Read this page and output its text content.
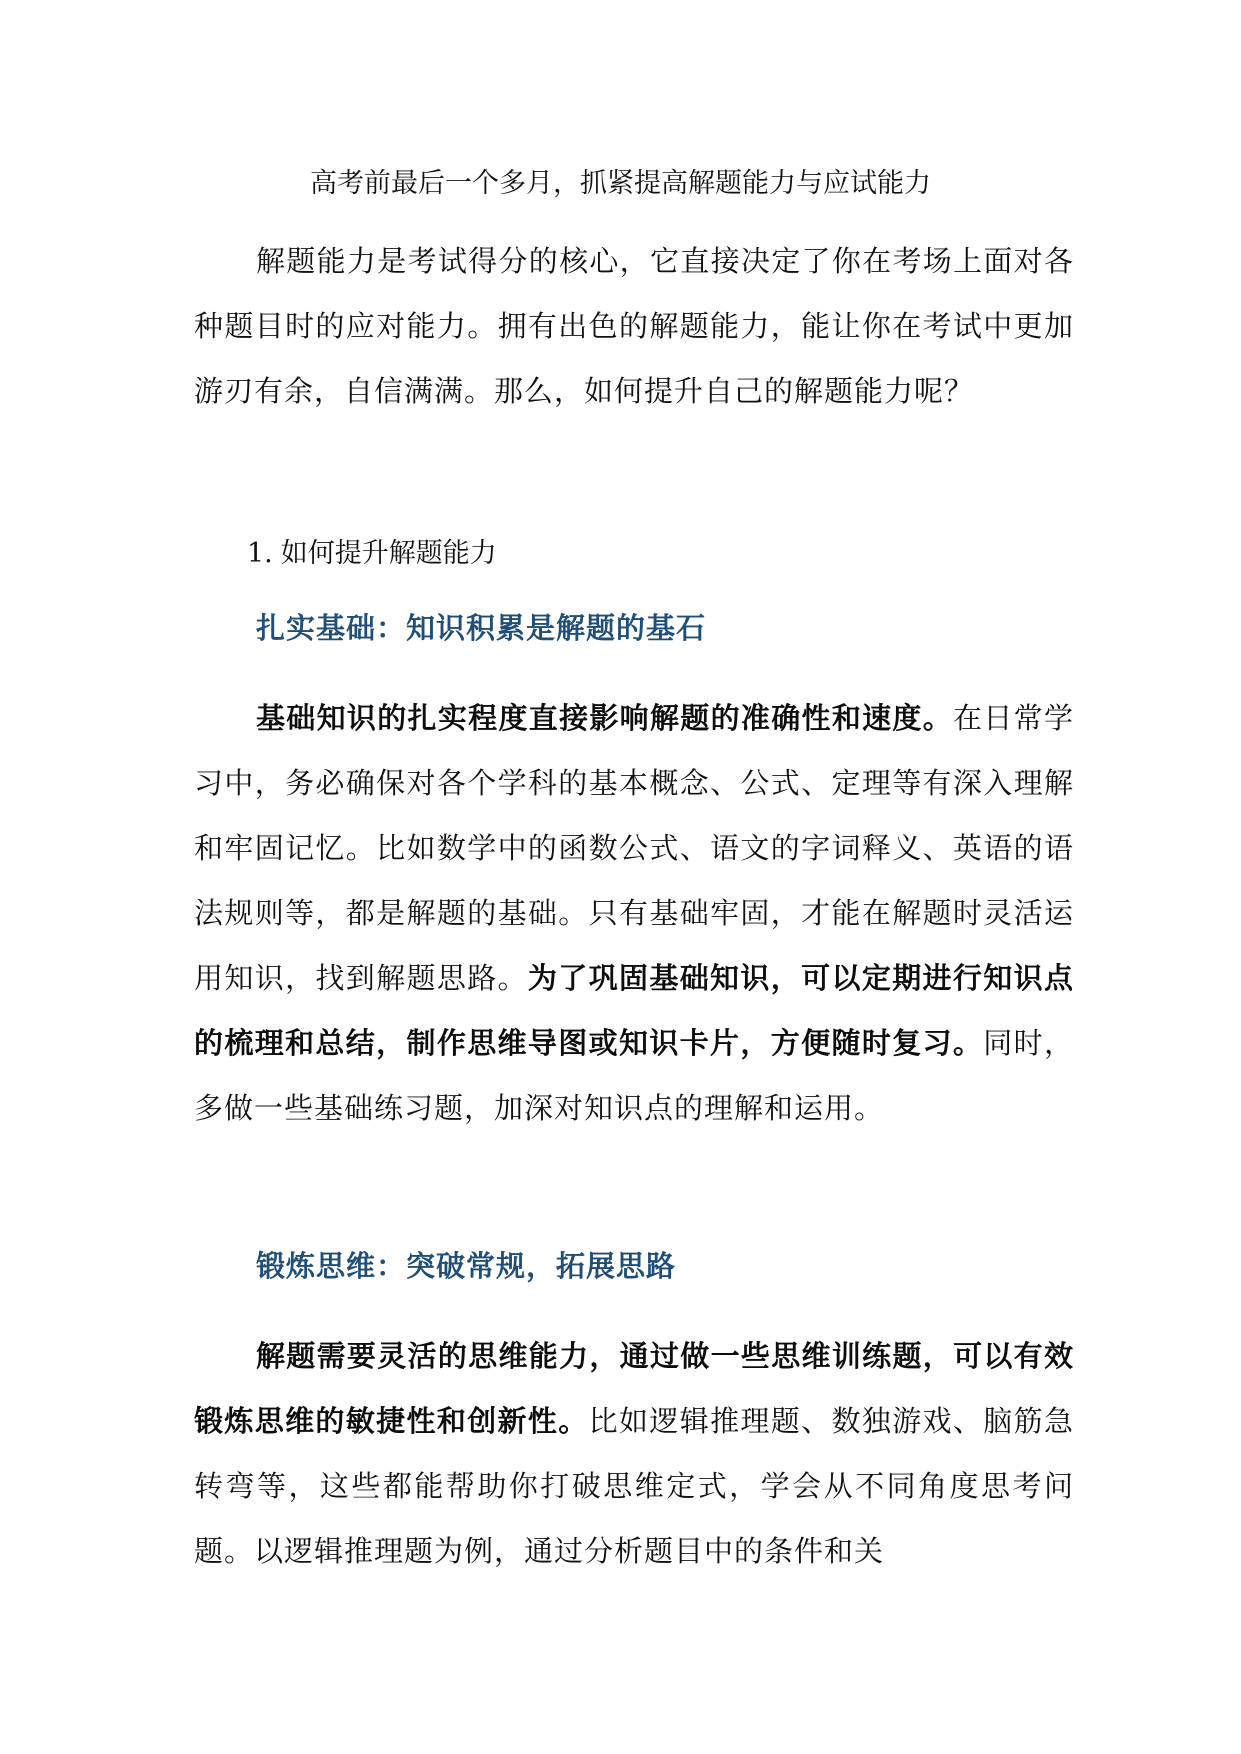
高考前最后一个多月，抓紧提高解题能力与应试能力

解题能力是考试得分的核心，它直接决定了你在考场上面对各种题目时的应对能力。拥有出色的解题能力，能让你在考试中更加游刃有余，自信满满。那么，如何提升自己的解题能力呢？

1. 如何提升解题能力

扎实基础：知识积累是解题的基石

基础知识的扎实程度直接影响解题的准确性和速度。在日常学习中，务必确保对各个学科的基本概念、公式、定理等有深入理解和牢固记忆。比如数学中的函数公式、语文的字词释义、英语的语法规则等，都是解题的基础。只有基础牢固，才能在解题时灵活运用知识，找到解题思路。为了巩固基础知识，可以定期进行知识点的梳理和总结，制作思维导图或知识卡片，方便随时复习。同时，多做一些基础练习题，加深对知识点的理解和运用。

锻炼思维：突破常规，拓展思路

解题需要灵活的思维能力，通过做一些思维训练题，可以有效锻炼思维的敏捷性和创新性。比如逻辑推理题、数独游戏、脑筋急转弯等，这些都能帮助你打破思维定式，学会从不同角度思考问题。以逻辑推理题为例，通过分析题目中的条件和关
